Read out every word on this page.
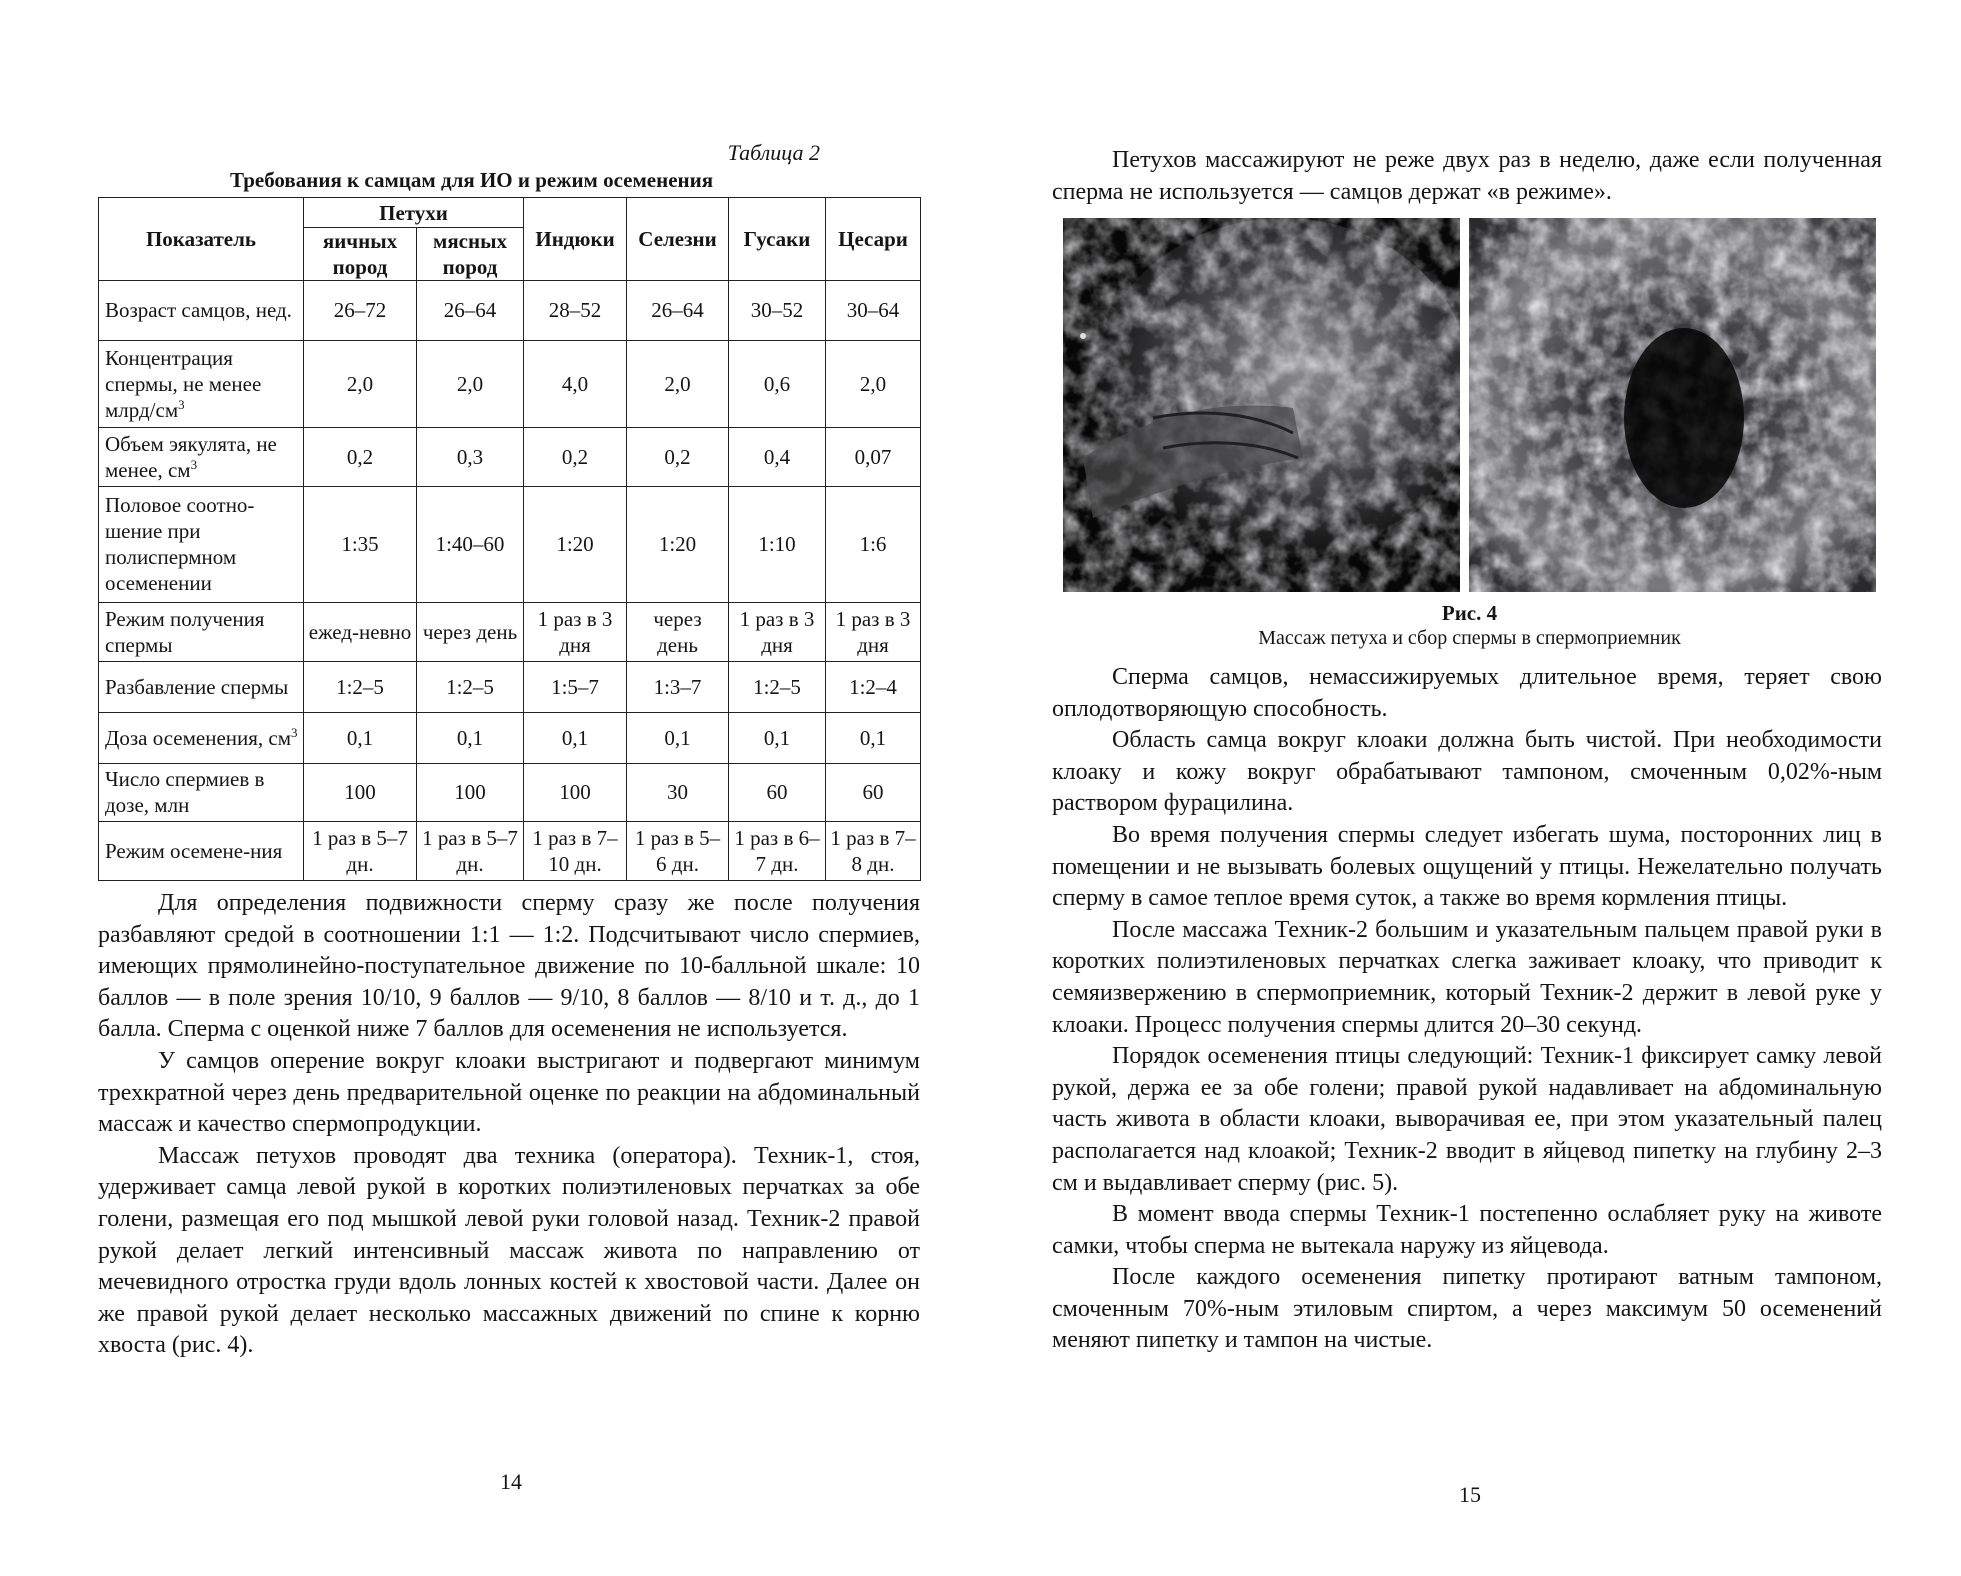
Таблица 2
Требования к самцам для ИО и режим осеменения
Показатель	Петухи		Индюки	Селезни	Гусаки	Цесари
	яичных пород	мясных пород				
Возраст самцов, нед.	26–72	26–64	28–52	26–64	30–52	30–64
Концентрация спермы, не менее млрд/$см^3$	2,0	2,0	4,0	2,0	0,6	2,0
Объем эякулята, не менее, $см^3$	0,2	0,3	0,2	0,2	0,4	0,07
Половое соотно-шение при полиспермном осеменении	1:35	1:40–60	1:20	1:20	1:10	1:6
Режим получения спермы	ежед-невно	через день	1 раз в 3 дня	через день	1 раз в 3 дня	1 раз в 3 дня
Разбавление спермы	1:2–5	1:2–5	1:5–7	1:3–7	1:2–5	1:2–4
Доза осеменения, $см^3$	0,1	0,1	0,1	0,1	0,1	0,1
Число спермиев в дозе, млн	100	100	100	30	60	60
Режим осемене-ния	1 раз в 5–7 дн.	1 раз в 5–7 дн.	1 раз в 7–10 дн.	1 раз в 5–6 дн.	1 раз в 6–7 дн.	1 раз в 7–8 дн.

Для определения подвижности сперму сразу же после получения разбавляют средой в соотношении 1:1 — 1:2. Подсчитывают число спермиев, имеющих прямолинейно-поступательное движение по 10-балльной шкале: 10 баллов — в поле зрения 10/10, 9 баллов — 9/10, 8 баллов — 8/10 и т. д., до 1 балла. Сперма с оценкой ниже 7 баллов для осеменения не используется.

У самцов оперение вокруг клоаки выстригают и подвергают минимум трехкратной через день предварительной оценке по реакции на абдоминальный массаж и качество спермопродукции.

Массаж петухов проводят два техника (оператора). Техник-1, стоя, удерживает самца левой рукой в коротких полиэтиленовых перчатках за обе голени, размещая его под мышкой левой руки головой назад. Техник-2 правой рукой делает легкий интенсивный массаж живота по направлению от мечевидного отростка груди вдоль лонных костей к хвостовой части. Далее он же правой рукой делает несколько массажных движений по спине к корню хвоста (рис. 4).

14

Петухов массажируют не реже двух раз в неделю, даже если полученная сперма не используется — самцов держат «в режиме».

Рис. 4
Массаж петуха и сбор спермы в спермоприемник

Сперма самцов, немассижируемых длительное время, теряет свою оплодотворяющую способность.

Область самца вокруг клоаки должна быть чистой. При необходимости клоаку и кожу вокруг обрабатывают тампоном, смоченным 0,02%-ным раствором фурацилина.

Во время получения спермы следует избегать шума, посторонних лиц в помещении и не вызывать болевых ощущений у птицы. Нежелательно получать сперму в самое теплое время суток, а также во время кормления птицы.

После массажа Техник-2 большим и указательным пальцем правой руки в коротких полиэтиленовых перчатках слегка заживает клоаку, что приводит к семяизвержению в спермоприемник, который Техник-2 держит в левой руке у клоаки. Процесс получения спермы длится 20–30 секунд.

Порядок осеменения птицы следующий: Техник-1 фиксирует самку левой рукой, держа ее за обе голени; правой рукой надавливает на абдоминальную часть живота в области клоаки, выворачивая ее, при этом указательный палец располагается над клоакой; Техник-2 вводит в яйцевод пипетку на глубину 2–3 см и выдавливает сперму (рис. 5).

В момент ввода спермы Техник-1 постепенно ослабляет руку на животе самки, чтобы сперма не вытекала наружу из яйцевода.

После каждого осеменения пипетку протирают ватным тампоном, смоченным 70%-ным этиловым спиртом, а через максимум 50 осеменений меняют пипетку и тампон на чистые.

15
